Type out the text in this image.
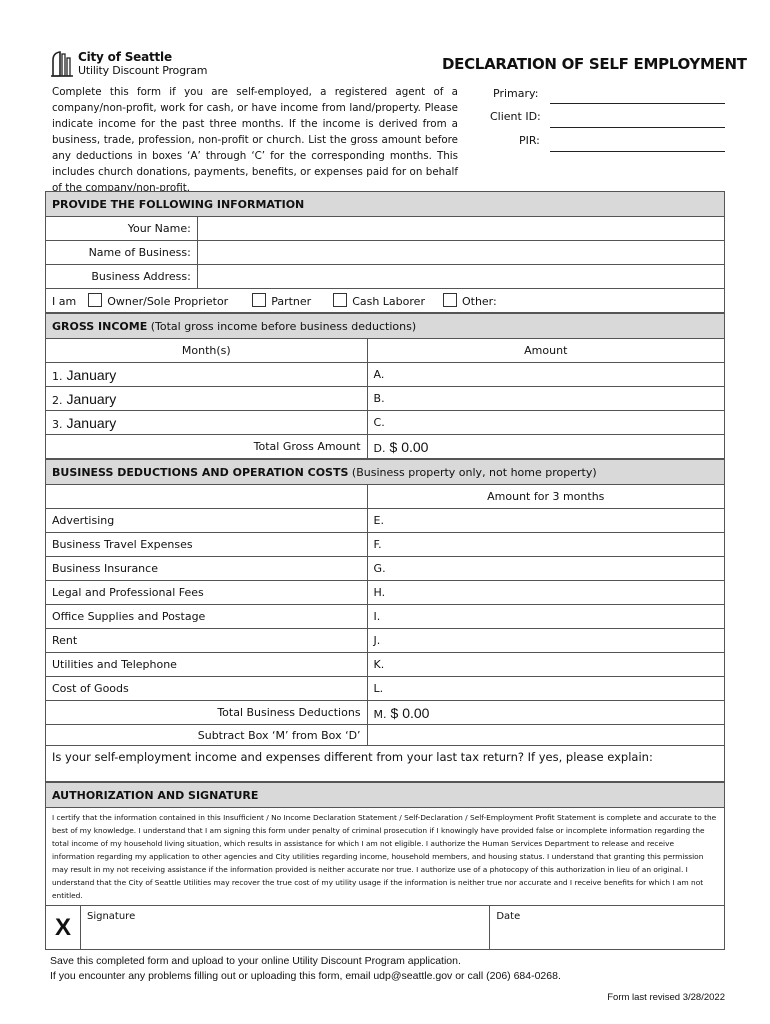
City of Seattle
Utility Discount Program	DECLARATION OF SELF EMPLOYMENT
Complete this form if you are self-employed, a registered agent of a company/non-profit, work for cash, or have income from land/property. Please indicate income for the past three months. If the income is derived from a business, trade, profession, non-profit or church. List the gross amount before any deductions in boxes ‘A’ through ‘C’ for the corresponding months. This includes church donations, payments, benefits, or expenses paid for on behalf of the company/non-profit.
Primary:
Client ID:
PIR:
PROVIDE THE FOLLOWING INFORMATION	
Your Name:	
Name of Business:	
Business Address:	
I am Owner/Sole Proprietor Partner Cash Laborer Other:	
GROSS INCOME (Total gross income before business deductions)	
Month(s)	Amount
1. January	A.
2. January	B.
3. January	C.
Total Gross Amount	D. $ 0.00
BUSINESS DEDUCTIONS AND OPERATION COSTS (Business property only, not home property)	
	Amount for 3 months
Advertising	E.
Business Travel Expenses	F.
Business Insurance	G.
Legal and Professional Fees	H.
Office Supplies and Postage	I.
Rent	J.
Utilities and Telephone	K.
Cost of Goods	L.
Total Business Deductions	M. $ 0.00
Subtract Box ‘M’ from Box ‘D’	
Is your self-employment income and expenses different from your last tax return? If yes, please explain:	
AUTHORIZATION AND SIGNATURE
I certify that the information contained in this Insufficient / No Income Declaration Statement / Self-Declaration / Self-Employment Profit Statement is complete and accurate to the best of my knowledge. I understand that I am signing this form under penalty of criminal prosecution if I knowingly have provided false or incomplete information regarding the total income of my household living situation, which results in assistance for which I am not eligible. I authorize the Human Services Department to release and receive information regarding my application to other agencies and City utilities regarding income, household members, and housing status. I understand that granting this permission may result in my not receiving assistance if the information provided is neither accurate nor true. I authorize use of a photocopy of this authorization in lieu of an original. I understand that the City of Seattle Utilities may recover the true cost of my utility usage if the information is neither true nor accurate and I receive benefits for which I am not entitled.
X	Signature	Date
Save this completed form and upload to your online Utility Discount Program application.
If you encounter any problems filling out or uploading this form, email udp@seattle.gov or call (206) 684-0268.
Form last revised 3/28/2022
